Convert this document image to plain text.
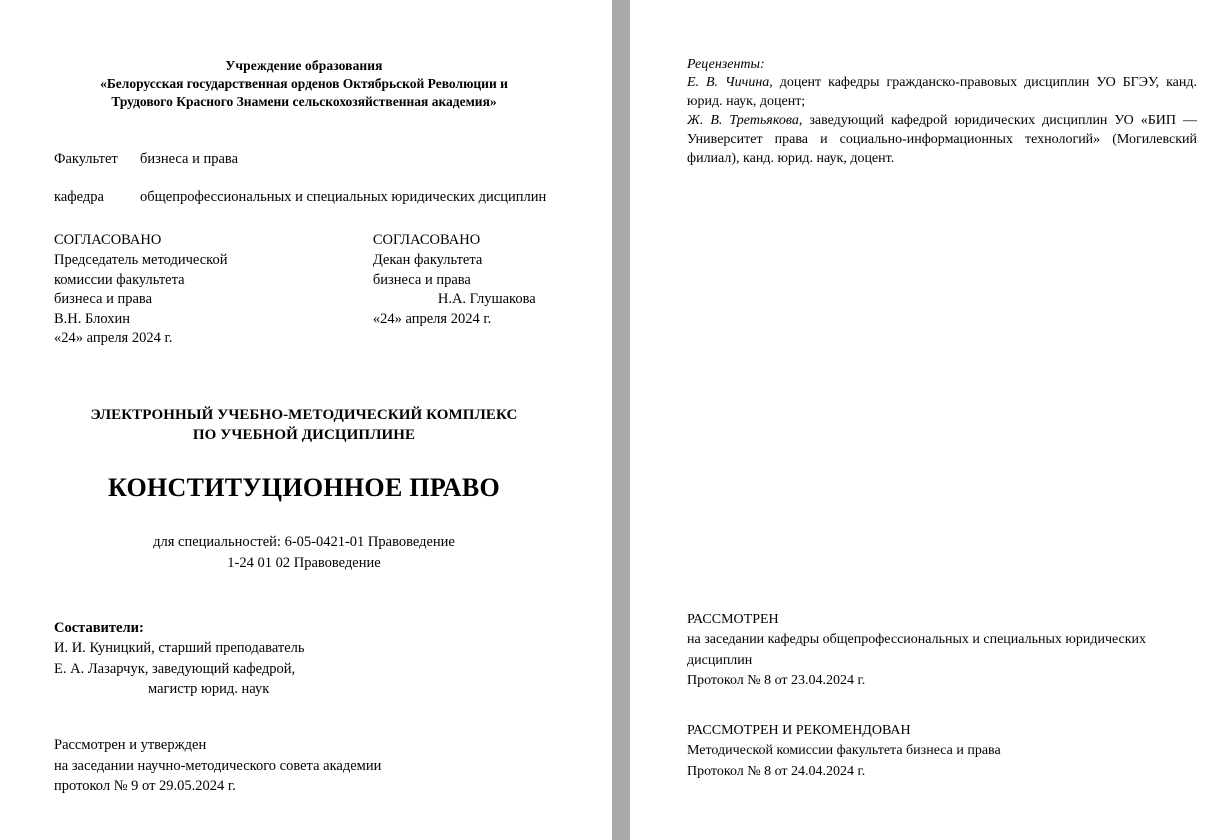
Учреждение образования
«Белорусская государственная орденов Октябрьской Революции и
Трудового Красного Знамени сельскохозяйственная академия»
Факультет	бизнеса и права
кафедра	общепрофессиональных и специальных юридических дисциплин
СОГЛАСОВАНО
Председатель методической
комиссии факультета
бизнеса и права
В.Н. Блохин
«24» апреля 2024 г.
СОГЛАСОВАНО
Декан факультета
бизнеса и права
Н.А. Глушакова
«24» апреля 2024 г.
ЭЛЕКТРОННЫЙ УЧЕБНО-МЕТОДИЧЕСКИЙ КОМПЛЕКС
ПО УЧЕБНОЙ ДИСЦИПЛИНЕ
КОНСТИТУЦИОННОЕ ПРАВО
для специальностей: 6-05-0421-01 Правоведение
1-24 01 02 Правоведение
Составители:
И. И. Куницкий, старший преподаватель
Е. А. Лазарчук, заведующий кафедрой,
магистр юрид. наук
Рассмотрен и утвержден
на заседании научно-методического совета академии
протокол № 9 от 29.05.2024 г.
Рецензенты:
Е. В. Чичина, доцент кафедры гражданско-правовых дисциплин УО БГЭУ, канд. юрид. наук, доцент;
Ж. В. Третьякова, заведующий кафедрой юридических дисциплин УО «БИП — Университет права и социально-информационных технологий» (Могилевский филиал), канд. юрид. наук, доцент.
РАССМОТРЕН
на заседании кафедры общепрофессиональных и специальных юридических дисциплин
Протокол № 8 от 23.04.2024 г.
РАССМОТРЕН И РЕКОМЕНДОВАН
Методической комиссии факультета бизнеса и права
Протокол № 8 от 24.04.2024 г.
